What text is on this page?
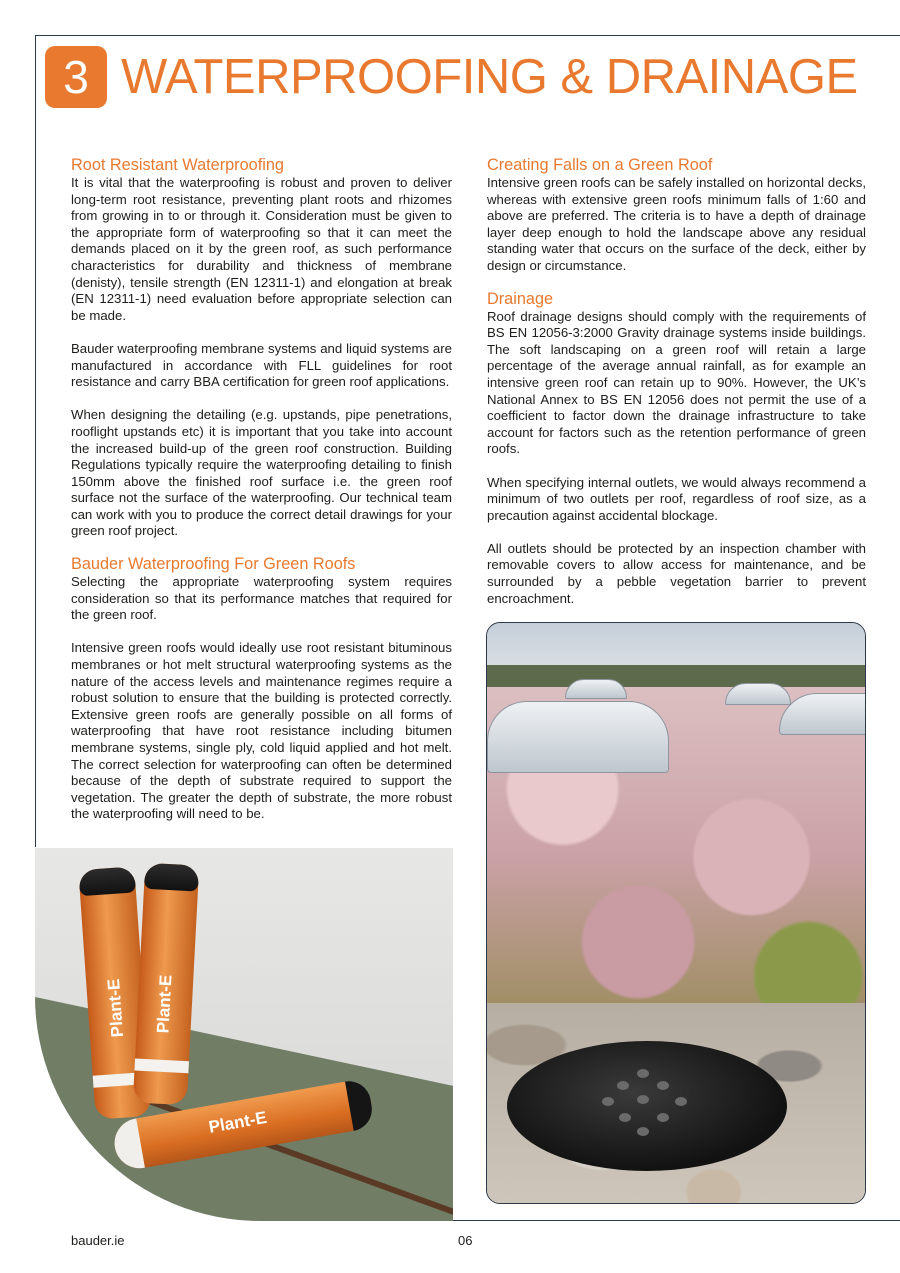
3 WATERPROOFING & DRAINAGE
Root Resistant Waterproofing

It is vital that the waterproofing is robust and proven to deliver long-term root resistance, preventing plant roots and rhizomes from growing in to or through it. Consideration must be given to the appropriate form of waterproofing so that it can meet the demands placed on it by the green roof, as such performance characteristics for durability and thickness of membrane (denisty), tensile strength (EN 12311-1) and elongation at break (EN 12311-1) need evaluation before appropriate selection can be made.

Bauder waterproofing membrane systems and liquid systems are manufactured in accordance with FLL guidelines for root resistance and carry BBA certification for green roof applications.

When designing the detailing (e.g. upstands, pipe penetrations, rooflight upstands etc) it is important that you take into account the increased build-up of the green roof construction. Building Regulations typically require the waterproofing detailing to finish 150mm above the finished roof surface i.e. the green roof surface not the surface of the waterproofing. Our technical team can work with you to produce the correct detail drawings for your green roof project.

Bauder Waterproofing For Green Roofs

Selecting the appropriate waterproofing system requires consideration so that its performance matches that required for the green roof.

Intensive green roofs would ideally use root resistant bituminous membranes or hot melt structural waterproofing systems as the nature of the access levels and maintenance regimes require a robust solution to ensure that the building is protected correctly. Extensive green roofs are generally possible on all forms of waterproofing that have root resistance including bitumen membrane systems, single ply, cold liquid applied and hot melt. The correct selection for waterproofing can often be determined because of the depth of substrate required to support the vegetation. The greater the depth of substrate, the more robust the waterproofing will need to be.

Creating Falls on a Green Roof

Intensive green roofs can be safely installed on horizontal decks, whereas with extensive green roofs minimum falls of 1:60 and above are preferred. The criteria is to have a depth of drainage layer deep enough to hold the landscape above any residual standing water that occurs on the surface of the deck, either by design or circumstance.

Drainage

Roof drainage designs should comply with the requirements of BS EN 12056-3:2000 Gravity drainage systems inside buildings. The soft landscaping on a green roof will retain a large percentage of the average annual rainfall, as for example an intensive green roof can retain up to 90%. However, the UK’s National Annex to BS EN 12056 does not permit the use of a coefficient to factor down the drainage infrastructure to take account for factors such as the retention performance of green roofs.

When specifying internal outlets, we would always recommend a minimum of two outlets per roof, regardless of roof size, as a precaution against accidental blockage.

All outlets should be protected by an inspection chamber with removable covers to allow access for maintenance, and be surrounded by a pebble vegetation barrier to prevent encroachment.

Plant-E Plant-E
Plant-E
bauder.ie	06
